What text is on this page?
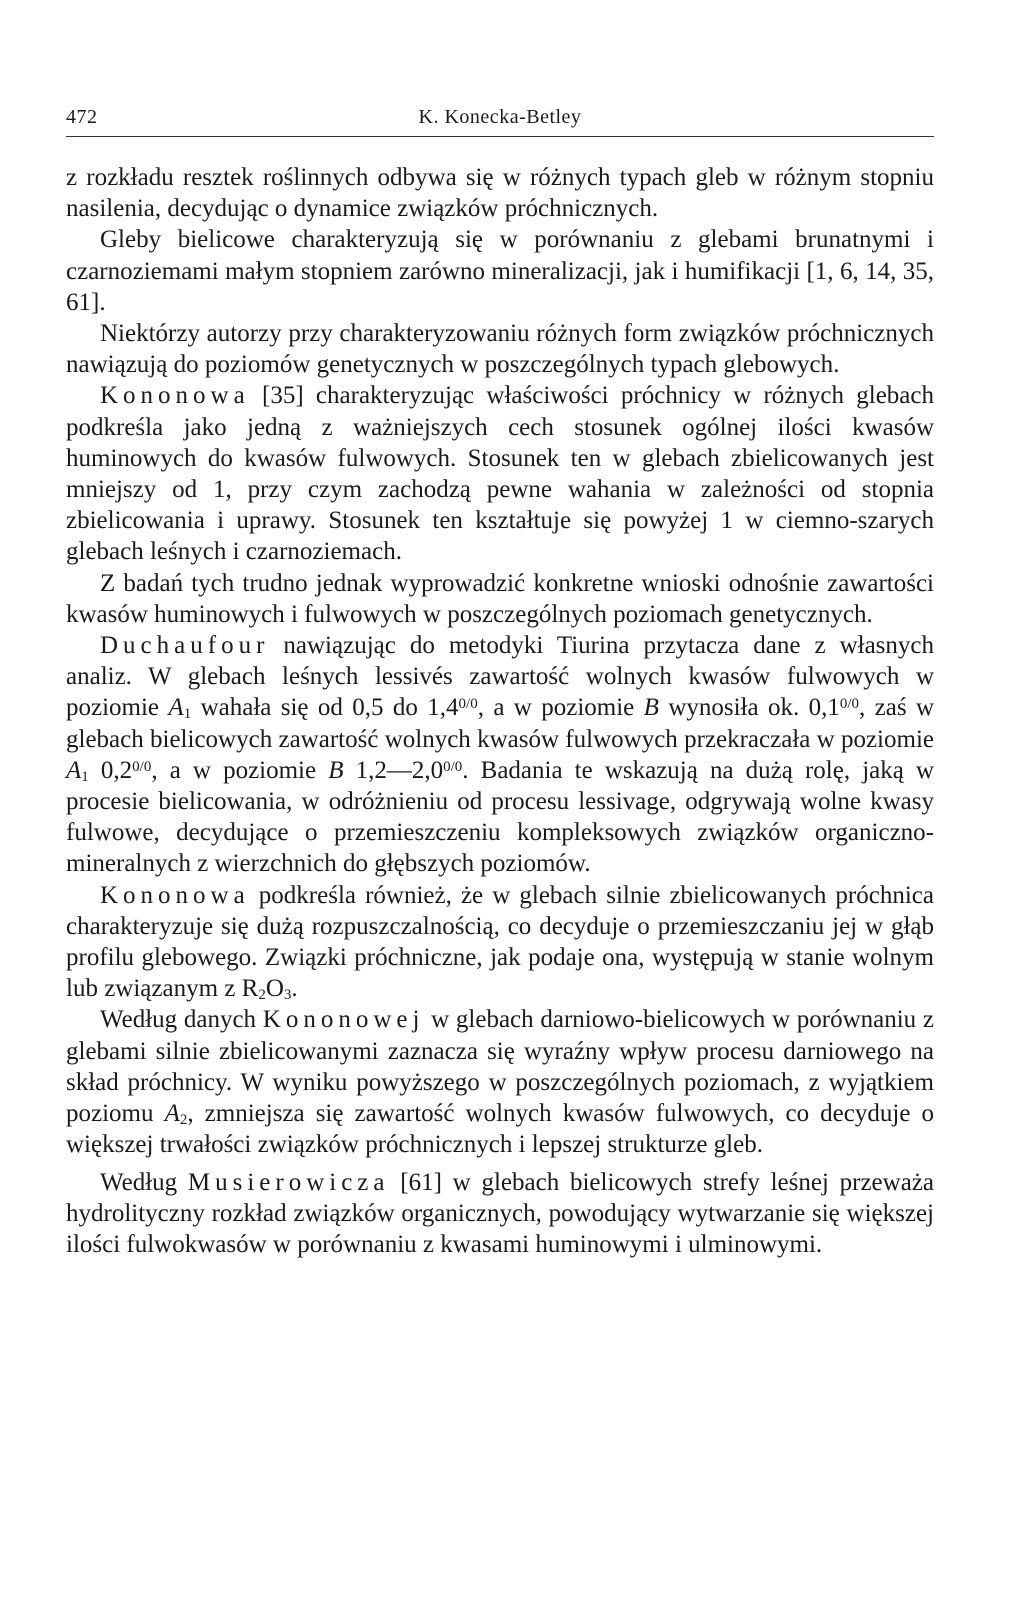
472	K. Konecka-Betley

z rozkładu resztek roślinnych odbywa się w różnych typach gleb w różnym stopniu nasilenia, decydując o dynamice związków próchnicznych.

Gleby bielicowe charakteryzują się w porównaniu z glebami brunatnymi i czarnoziemami małym stopniem zarówno mineralizacji, jak i humifikacji [1, 6, 14, 35, 61].

Niektórzy autorzy przy charakteryzowaniu różnych form związków próchnicznych nawiązują do poziomów genetycznych w poszczególnych typach glebowych.

Kononowa [35] charakteryzując właściwości próchnicy w różnych glebach podkreśla jako jedną z ważniejszych cech stosunek ogólnej ilości kwasów huminowych do kwasów fulwowych. Stosunek ten w glebach zbielicowanych jest mniejszy od 1, przy czym zachodzą pewne wahania w zależności od stopnia zbielicowania i uprawy. Stosunek ten kształtuje się powyżej 1 w ciemno-szarych glebach leśnych i czarnoziemach.

Z badań tych trudno jednak wyprowadzić konkretne wnioski odnośnie zawartości kwasów huminowych i fulwowych w poszczególnych poziomach genetycznych.

Duchaufour nawiązując do metodyki Tiurina przytacza dane z własnych analiz. W glebach leśnych lessivés zawartość wolnych kwasów fulwowych w poziomie $A_1$ wahała się od 0,5 do $1,4^{0/0}$, a w poziomie B wynosiła ok. $0,1^{0/0}$, zaś w glebach bielicowych zawartość wolnych kwasów fulwowych przekraczała w poziomie $A_1$ $0,2^{0/0}$, a w poziomie B $1,2—2,0^{0/0}$. Badania te wskazują na dużą rolę, jaką w procesie bielicowania, w odróżnieniu od procesu lessivage, odgrywają wolne kwasy fulwowe, decydujące o przemieszczeniu kompleksowych związków organiczno-mineralnych z wierzchnich do głębszych poziomów.

Kononowa podkreśla również, że w glebach silnie zbielicowanych próchnica charakteryzuje się dużą rozpuszczalnością, co decyduje o przemieszczaniu jej w głąb profilu glebowego. Związki próchniczne, jak podaje ona, występują w stanie wolnym lub związanym z $R_2O_3$.

Według danych Kononowej w glebach darniowo-bielicowych w porównaniu z glebami silnie zbielicowanymi zaznacza się wyraźny wpływ procesu darniowego na skład próchnicy. W wyniku powyższego w poszczególnych poziomach, z wyjątkiem poziomu $A_2$, zmniejsza się zawartość wolnych kwasów fulwowych, co decyduje o większej trwałości związków próchnicznych i lepszej strukturze gleb.

Według Musierowicza [61] w glebach bielicowych strefy leśnej przeważa hydrolityczny rozkład związków organicznych, powodujący wytwarzanie się większej ilości fulwokwasów w porównaniu z kwasami huminowymi i ulminowymi.
